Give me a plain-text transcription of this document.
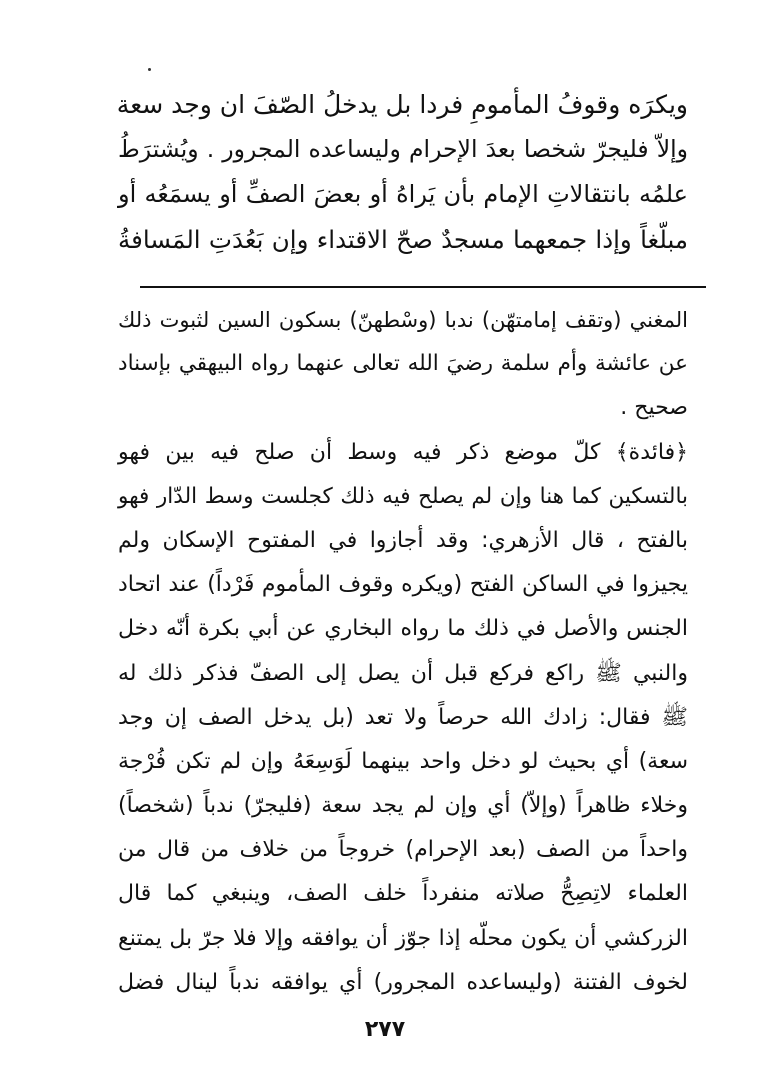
ويكرَه وقوفُ المأمومِ فردا بل يدخلُ الصّفَ ان وجد سعة
وإلاّ فليجرّ شخصا بعدَ الإحرام وليساعده المجرور . ويُشترَطُ
علمُه بانتقالاتِ الإمام بأن يَراهُ أو بعضَ الصفِّ أو يسمَعُه أو
مبلّغاً وإذا جمعهما مسجدٌ صحّ الاقتداء وإن بَعُدَتِ المَسافةُ
المغني (وتقف إمامتهّن) ندبا (وسْطهنّ) بسكون السين لثبوت ذلك
عن عائشة وأم سلمة رضيَ الله تعالى عنهما رواه البيهقي بإسناد
صحيح .
﴿فائدة﴾ كلّ موضع ذكر فيه وسط أن صلح فيه بين فهو
بالتسكين كما هنا وإن لم يصلح فيه ذلك كجلست وسط الدّار فهو
بالفتح ، قال الأزهري: وقد أجازوا في المفتوح الإسكان ولم
يجيزوا في الساكن الفتح (ويكره وقوف المأموم فَرْداً) عند اتحاد
الجنس والأصل في ذلك ما رواه البخاري عن أبي بكرة أنّه دخل
والنبي ﷺ راكع فركع قبل أن يصل إلى الصفّ فذكر ذلك له
ﷺ فقال: زادك الله حرصاً ولا تعد (بل يدخل الصف إن وجد
سعة) أي بحيث لو دخل واحد بينهما لَوَسِعَهُ وإن لم تكن فُرْجة
وخلاء ظاهراً (وإلاّ) أي وإن لم يجد سعة (فليجرّ) ندباً (شخصاً)
واحداً من الصف (بعد الإحرام) خروجاً من خلاف من قال من
العلماء لاتِصِحُّ صلاته منفرداً خلف الصف، وينبغي كما قال
الزركشي أن يكون محلّه إذا جوّز أن يوافقه وإلا فلا جرّ بل يمتنع
لخوف الفتنة (وليساعده المجرور) أي يوافقه ندباً لينال فضل
٢٧٧
